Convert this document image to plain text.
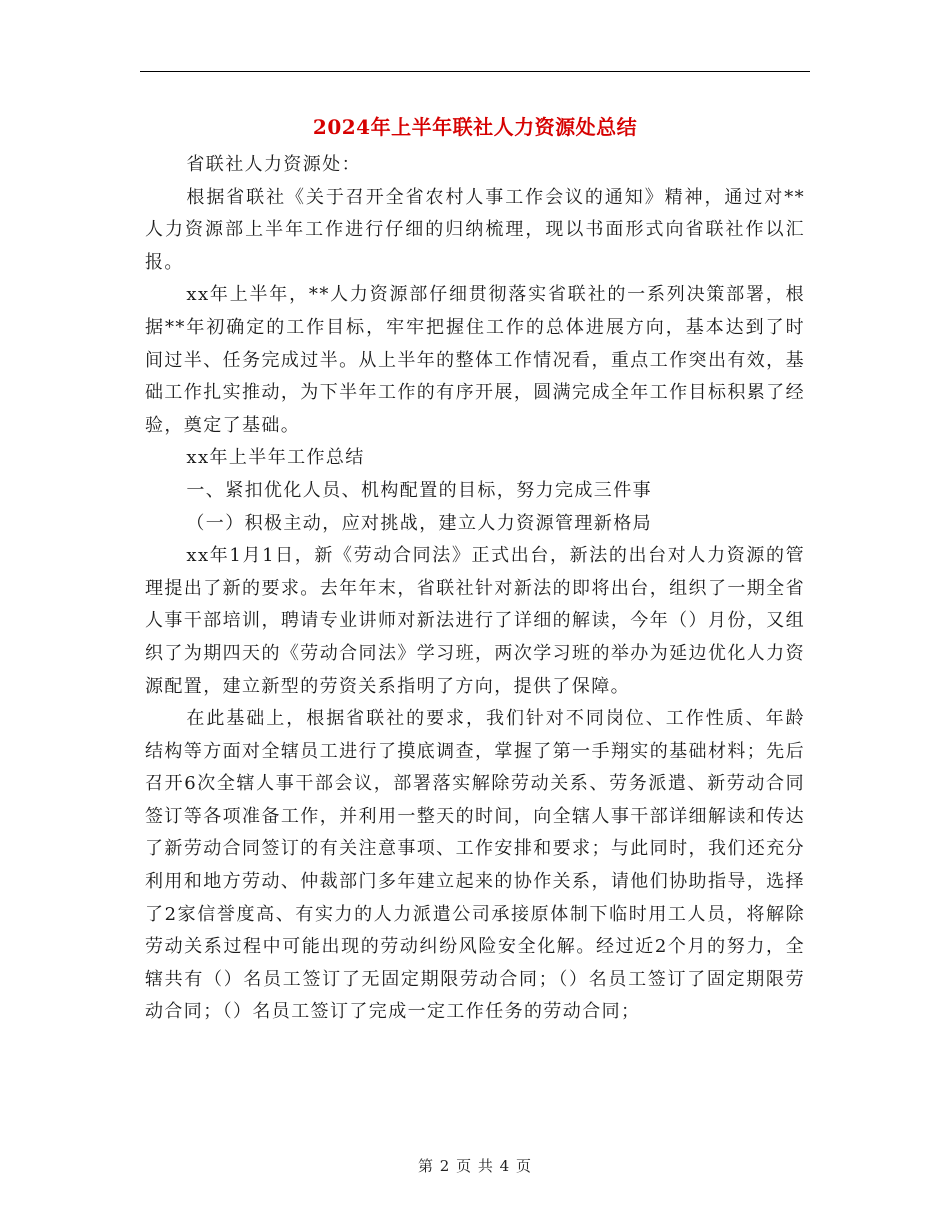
2024年上半年联社人力资源处总结

省联社人力资源处：

根据省联社《关于召开全省农村人事工作会议的通知》精神，通过对**人力资源部上半年工作进行仔细的归纳梳理，现以书面形式向省联社作以汇报。

xx年上半年，**人力资源部仔细贯彻落实省联社的一系列决策部署，根据**年初确定的工作目标，牢牢把握住工作的总体进展方向，基本达到了时间过半、任务完成过半。从上半年的整体工作情况看，重点工作突出有效，基础工作扎实推动，为下半年工作的有序开展，圆满完成全年工作目标积累了经验，奠定了基础。

xx年上半年工作总结

一、紧扣优化人员、机构配置的目标，努力完成三件事

（一）积极主动，应对挑战，建立人力资源管理新格局

xx年1月1日，新《劳动合同法》正式出台，新法的出台对人力资源的管理提出了新的要求。去年年末，省联社针对新法的即将出台，组织了一期全省人事干部培训，聘请专业讲师对新法进行了详细的解读，今年（）月份，又组织了为期四天的《劳动合同法》学习班，两次学习班的举办为延边优化人力资源配置，建立新型的劳资关系指明了方向，提供了保障。

在此基础上，根据省联社的要求，我们针对不同岗位、工作性质、年龄结构等方面对全辖员工进行了摸底调查，掌握了第一手翔实的基础材料；先后召开6次全辖人事干部会议，部署落实解除劳动关系、劳务派遣、新劳动合同签订等各项准备工作，并利用一整天的时间，向全辖人事干部详细解读和传达了新劳动合同签订的有关注意事项、工作安排和要求；与此同时，我们还充分利用和地方劳动、仲裁部门多年建立起来的协作关系，请他们协助指导，选择了2家信誉度高、有实力的人力派遣公司承接原体制下临时用工人员，将解除劳动关系过程中可能出现的劳动纠纷风险安全化解。经过近2个月的努力，全辖共有（）名员工签订了无固定期限劳动合同；（）名员工签订了固定期限劳动合同；（）名员工签订了完成一定工作任务的劳动合同；

第 2 页 共 4 页
